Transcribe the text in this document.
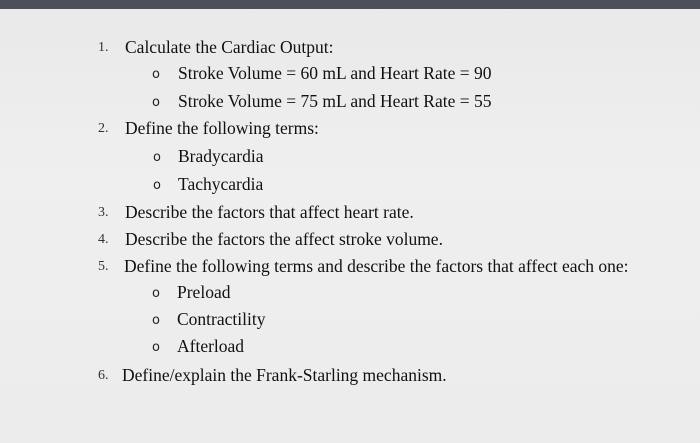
1. Calculate the Cardiac Output:
o Stroke Volume = 60 mL and Heart Rate = 90
o Stroke Volume = 75 mL and Heart Rate = 55
2. Define the following terms:
o Bradycardia
o Tachycardia
3. Describe the factors that affect heart rate.
4. Describe the factors the affect stroke volume.
5. Define the following terms and describe the factors that affect each one:
o Preload
o Contractility
o Afterload
6. Define/explain the Frank-Starling mechanism.
